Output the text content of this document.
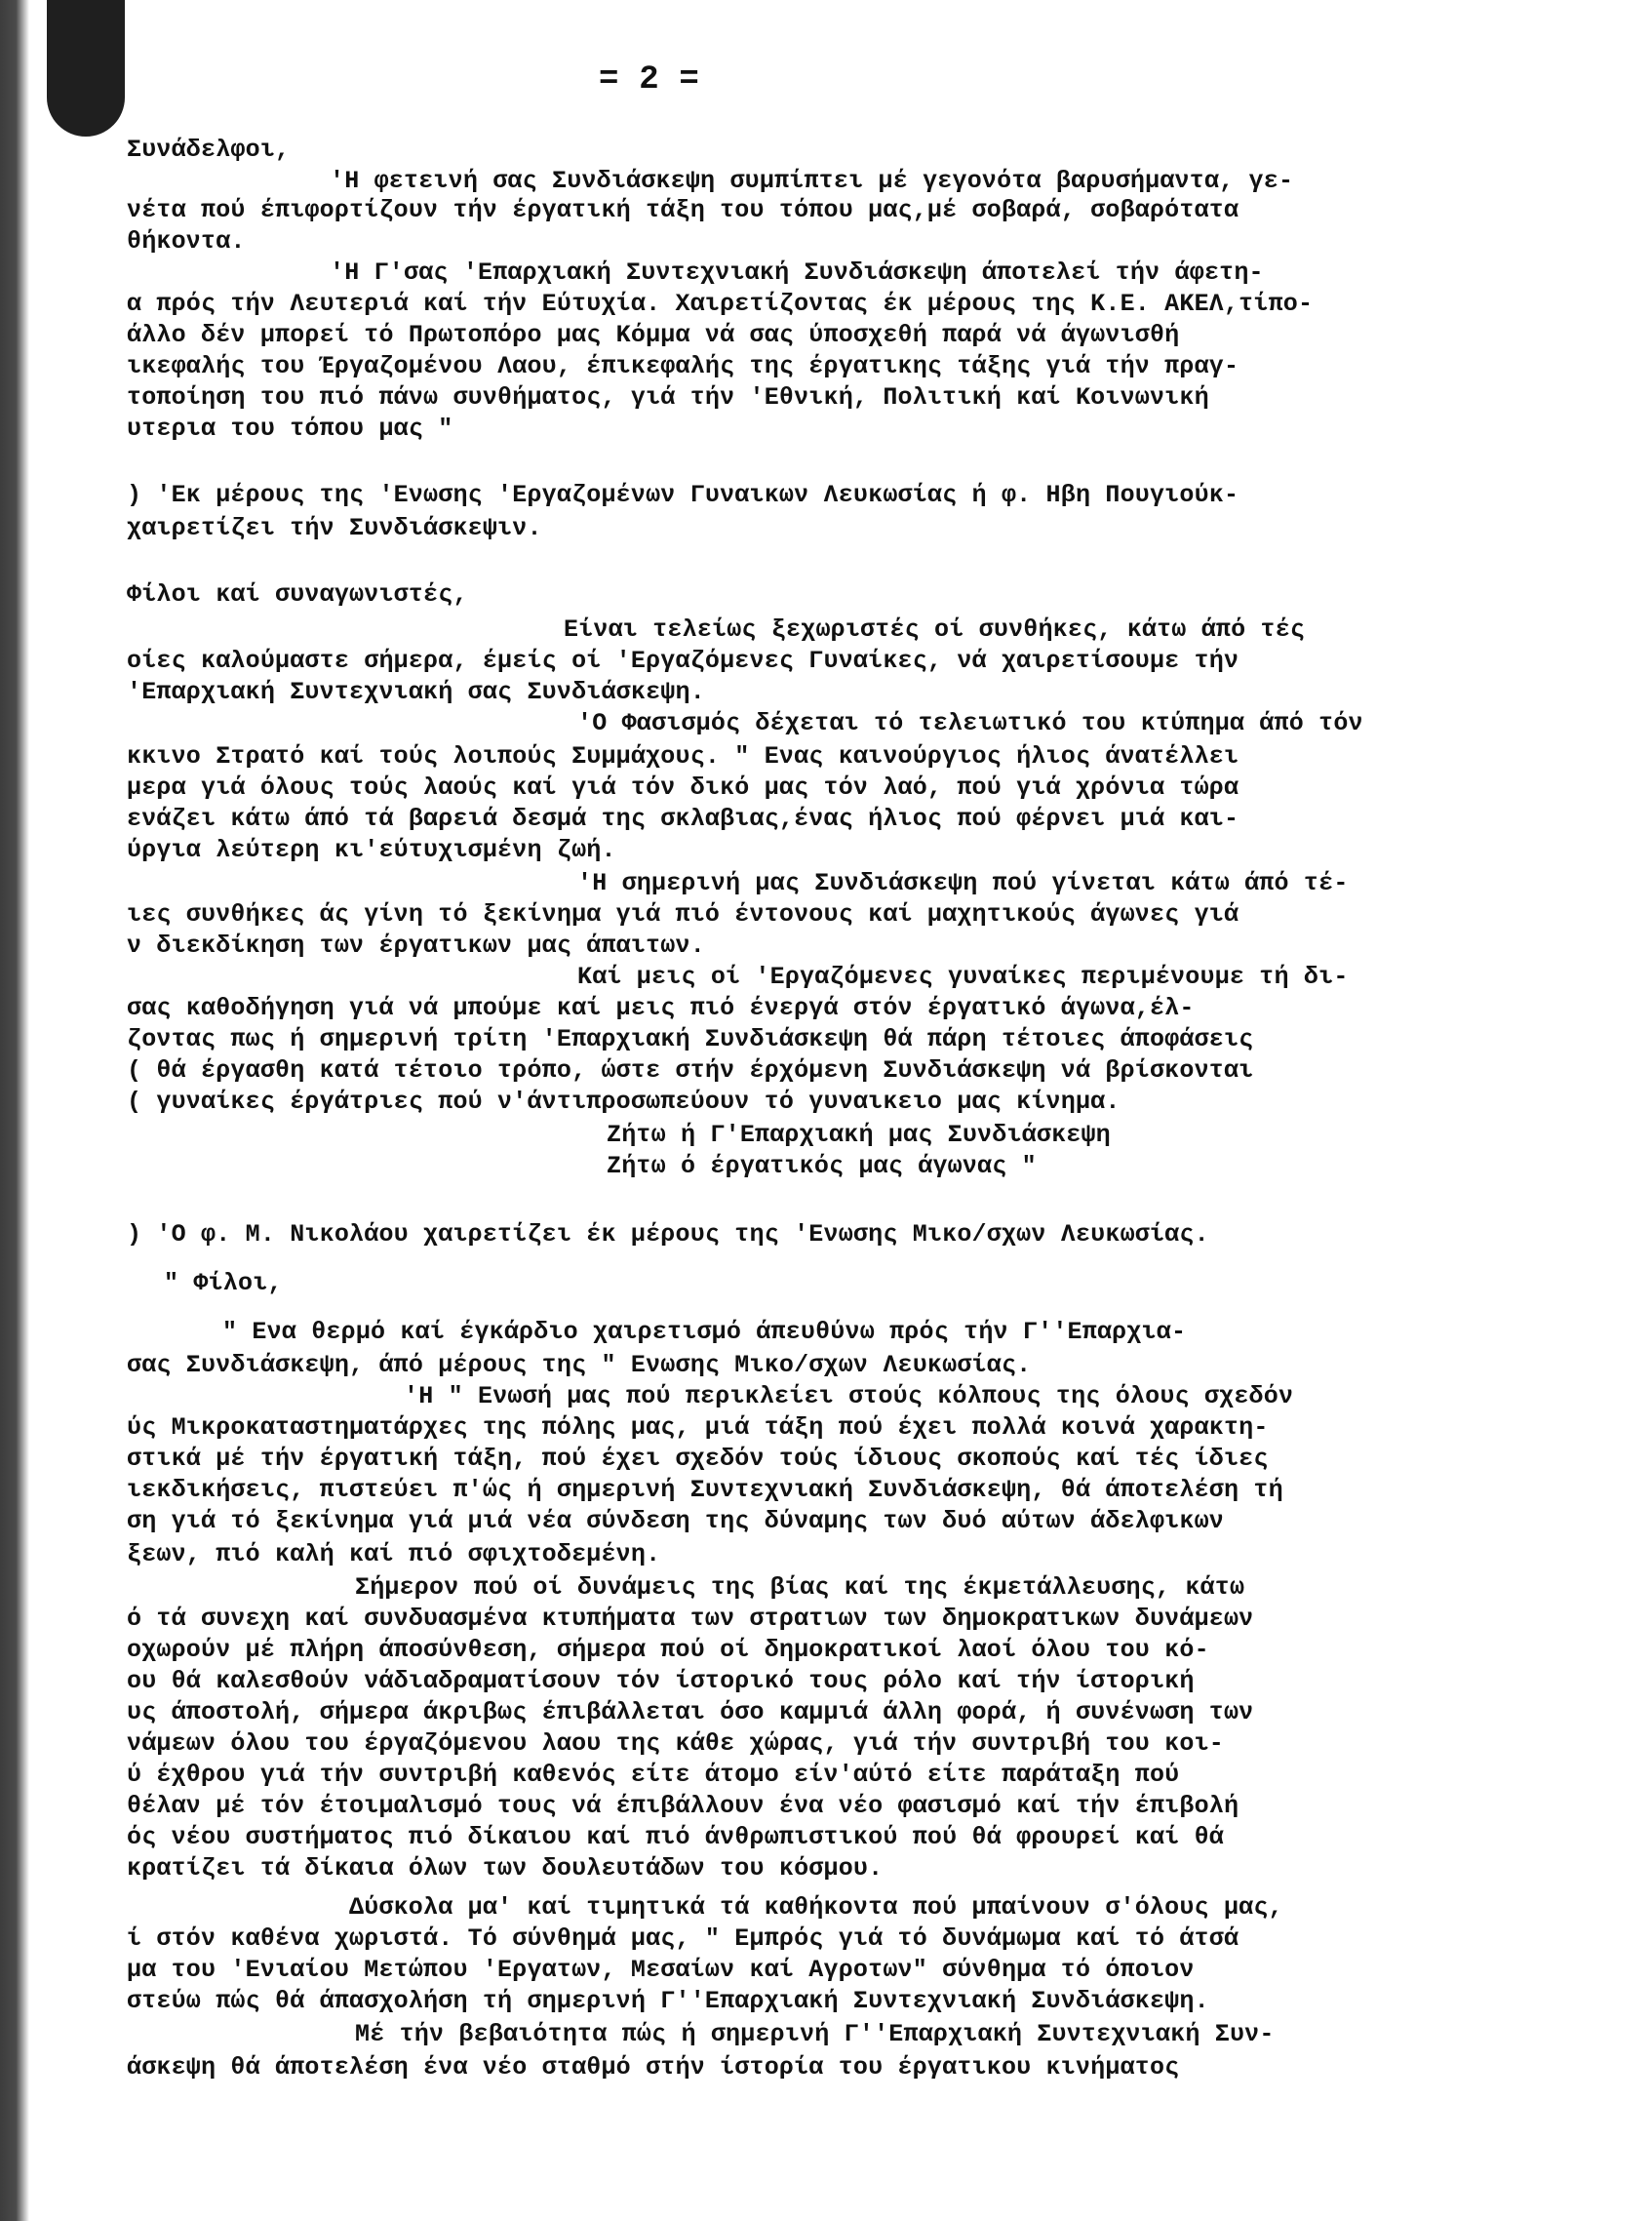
Συνάδελφοι,
'Η φετεινή σας Συνδιάσκεψη συμπίπτει μέ γεγονότα βαρυσήμαντα, γε-
νέτα πού έπιφορτίζουν τήν έργατική τάξη του τόπου μας,μέ σοβαρά, σοβαρότατα
θήκοντα.
'Η Γ'σας 'Επαρχιακή Συντεχνιακή Συνδιάσκεψη άποτελεί τήν άφετη-
α πρός τήν Λευτεριά καί τήν Εύτυχία. Χαιρετίζοντας έκ μέρους της Κ.Ε. ΑΚΕΛ,τίπο-
άλλο δέν μπορεί τό Πρωτοπόρο μας Κόμμα νά σας ύποσχεθή παρά νά άγωνισθή
ικεφαλής του Έργαζομένου Λαου, έπικεφαλής της έργατικης τάξης γιά τήν πραγ-
τοποίηση του πιό πάνω συνθήματος, γιά τήν 'Εθνική, Πολιτική καί Κοινωνική
υτερια του τόπου μας "
) 'Εκ μέρους της 'Ενωσης 'Εργαζομένων Γυναικων Λευκωσίας ή φ. Ηβη Πουγιούκ-
χαιρετίζει τήν Συνδιάσκεψιν.
Φίλοι καί συναγωνιστές,
Είναι τελείως ξεχωριστές οί συνθήκες, κάτω άπό τές
οίες καλούμαστε σήμερα, έμείς οί 'Εργαζόμενες Γυναίκες, νά χαιρετίσουμε τήν
'Επαρχιακή Συντεχνιακή σας Συνδιάσκεψη.
'Ο Φασισμός δέχεται τό τελειωτικό του κτύπημα άπό τόν
κκινο Στρατό καί τούς λοιπούς Συμμάχους. " Ενας καινούργιος ήλιος άνατέλλει
μερα γιά όλους τούς λαούς καί γιά τόν δικό μας τόν λαό, πού γιά χρόνια τώρα
ενάζει κάτω άπό τά βαρειά δεσμά της σκλαβιας,ένας ήλιος πού φέρνει μιά και-
ύργια λεύτερη κι'εύτυχισμένη ζωή.
'Η σημερινή μας Συνδιάσκεψη πού γίνεται κάτω άπό τέ-
ιες συνθήκες άς γίνη τό ξεκίνημα γιά πιό έντονους καί μαχητικούς άγωνες γιά
ν διεκδίκηση των έργατικων μας άπαιτων.
Καί μεις οί 'Εργαζόμενες γυναίκες περιμένουμε τή δι-
σας καθοδήγηση γιά νά μπούμε καί μεις πιό ένεργά στόν έργατικό άγωνα,έλ-
ζοντας πως ή σημερινή τρίτη 'Επαρχιακή Συνδιάσκεψη θά πάρη τέτοιες άποφάσεις
( θά έργασθη κατά τέτοιο τρόπο, ώστε στήν έρχόμενη Συνδιάσκεψη νά βρίσκονται
( γυναίκες έργάτριες πού ν'άντιπροσωπεύουν τό γυναικειο μας κίνημα.
Ζήτω ή Γ'Επαρχιακή μας Συνδιάσκεψη
Ζήτω ό έργατικός μας άγωνας "
) 'Ο φ. Μ. Νικολάου χαιρετίζει έκ μέρους της 'Ενωσης Μικο/σχων Λευκωσίας.
" Φίλοι,
" Ενα θερμό καί έγκάρδιο χαιρετισμό άπευθύνω πρός τήν Γ''Επαρχια-
σας Συνδιάσκεψη, άπό μέρους της " Ενωσης Μικο/σχων Λευκωσίας.
'Η " Ενωσή μας πού περικλείει στούς κόλπους της όλους σχεδόν
ύς Μικροκαταστηματάρχες της πόλης μας, μιά τάξη πού έχει πολλά κοινά χαρακτη-
στικά μέ τήν έργατική τάξη, πού έχει σχεδόν τούς ίδιους σκοπούς καί τές ίδιες
ιεκδικήσεις, πιστεύει π'ώς ή σημερινή Συντεχνιακή Συνδιάσκεψη, θά άποτελέση τή
ση γιά τό ξεκίνημα γιά μιά νέα σύνδεση της δύναμης των δυό αύτων άδελφικων
ξεων, πιό καλή καί πιό σφιχτοδεμένη.
Σήμερον πού οί δυνάμεις της βίας καί της έκμετάλλευσης, κάτω
ό τά συνεχη καί συνδυασμένα κτυπήματα των στρατιων των δημοκρατικων δυνάμεων
οχωρούν μέ πλήρη άποσύνθεση, σήμερα πού οί δημοκρατικοί λαοί όλου του κό-
ου θά καλεσθούν νάδιαδραματίσουν τόν ίστορικό τους ρόλο καί τήν ίστορική
υς άποστολή, σήμερα άκριβως έπιβάλλεται όσο καμμιά άλλη φορά, ή συνένωση των
νάμεων όλου του έργαζόμενου λαου της κάθε χώρας, γιά τήν συντριβή του κοι-
ύ έχθρου γιά τήν συντριβή καθενός είτε άτομο είν'αύτό είτε παράταξη πού
θέλαν μέ τόν έτοιμαλισμό τους νά έπιβάλλουν ένα νέο φασισμό καί τήν έπιβολή
ός νέου συστήματος πιό δίκαιου καί πιό άνθρωπιστικού πού θά φρουρεί καί θά
κρατίζει τά δίκαια όλων των δουλευτάδων του κόσμου.
Δύσκολα μα' καί τιμητικά τά καθήκοντα πού μπαίνουν σ'όλους μας,
ί στόν καθένα χωριστά. Τό σύνθημά μας, " Εμπρός γιά τό δυνάμωμα καί τό άτσά
μα του 'Ενιαίου Μετώπου 'Εργατων, Μεσαίων καί Αγροτων" σύνθημα τό όποιον
στεύω πώς θά άπασχολήση τή σημερινή Γ''Επαρχιακή Συντεχνιακή Συνδιάσκεψη.
Μέ τήν βεβαιότητα πώς ή σημερινή Γ''Επαρχιακή Συντεχνιακή Συν-
άσκεψη θά άποτελέση ένα νέο σταθμό στήν ίστορία του έργατικου κινήματος
= 2 =
